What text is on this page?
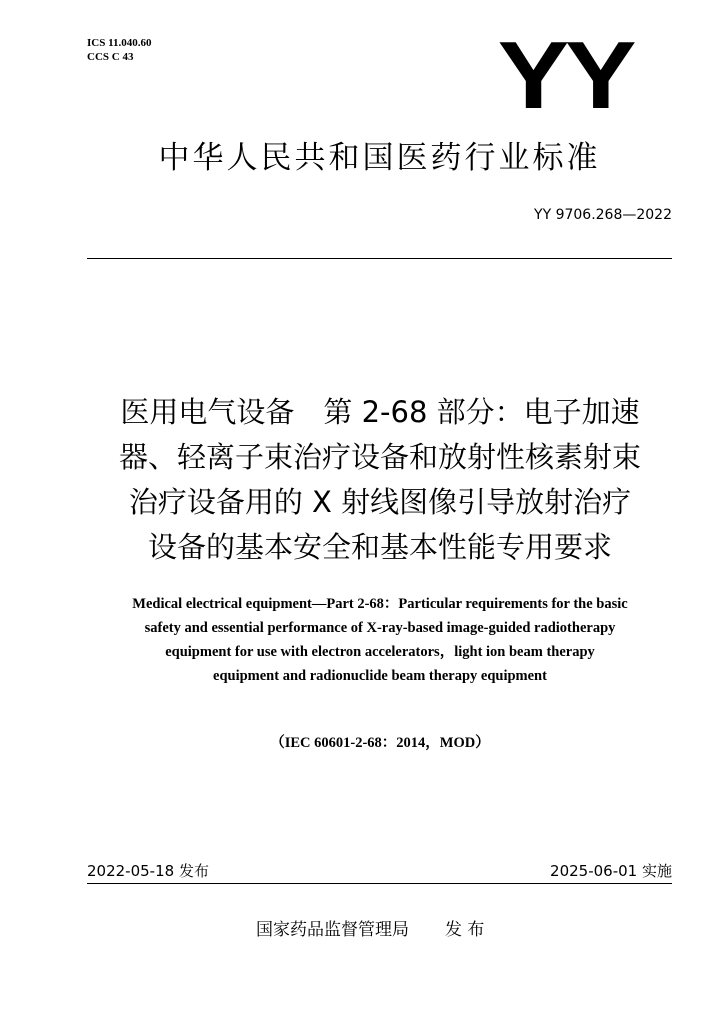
ICS 11.040.60
CCS C 43	YY
中华人民共和国医药行业标准
YY 9706.268—2022
医用电气设备　第 2-68 部分：电子加速
器、轻离子束治疗设备和放射性核素射束
治疗设备用的 X 射线图像引导放射治疗
设备的基本安全和基本性能专用要求
Medical electrical equipment—Part 2-68：Particular requirements for the basic
safety and essential performance of X-ray-based image-guided radiotherapy
equipment for use with electron accelerators，light ion beam therapy
equipment and radionuclide beam therapy equipment
（IEC 60601-2-68：2014，MOD）
2022-05-18 发布	2025-06-01 实施
国家药品监督管理局 发 布
